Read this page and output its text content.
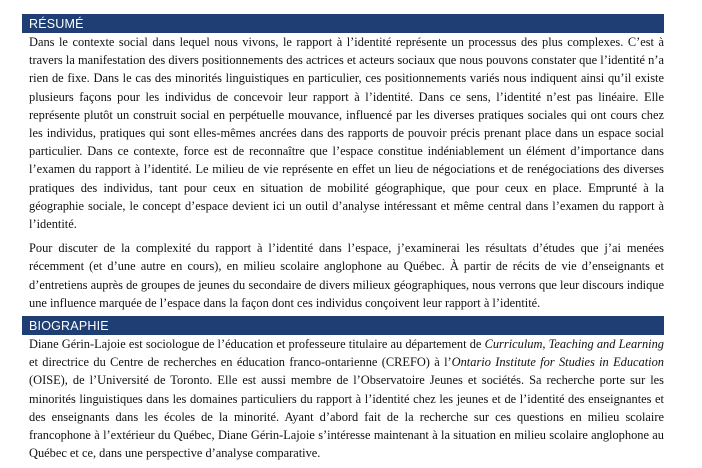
RÉSUMÉ

Dans le contexte social dans lequel nous vivons, le rapport à l’identité représente un processus des plus complexes. C’est à travers la manifestation des divers positionnements des actrices et acteurs sociaux que nous pouvons constater que l’identité n’a rien de fixe. Dans le cas des minorités linguistiques en particulier, ces positionnements variés nous indiquent ainsi qu’il existe plusieurs façons pour les individus de concevoir leur rapport à l’identité. Dans ce sens, l’identité n’est pas linéaire. Elle représente plutôt un construit social en perpétuelle mouvance, influencé par les diverses pratiques sociales qui ont cours chez les individus, pratiques qui sont elles-mêmes ancrées dans des rapports de pouvoir précis prenant place dans un espace social particulier. Dans ce contexte, force est de reconnaître que l’espace constitue indéniablement un élément d’importance dans l’examen du rapport à l’identité. Le milieu de vie représente en effet un lieu de négociations et de renégociations des diverses pratiques des individus, tant pour ceux en situation de mobilité géographique, que pour ceux en place. Emprunté à la géographie sociale, le concept d’espace devient ici un outil d’analyse intéressant et même central dans l’examen du rapport à l’identité.

Pour discuter de la complexité du rapport à l’identité dans l’espace, j’examinerai les résultats d’études que j’ai menées récemment (et d’une autre en cours), en milieu scolaire anglophone au Québec. À partir de récits de vie d’enseignants et d’entretiens auprès de groupes de jeunes du secondaire de divers milieux géographiques, nous verrons que leur discours indique une influence marquée de l’espace dans la façon dont ces individus conçoivent leur rapport à l’identité.

BIOGRAPHIE

Diane Gérin-Lajoie est sociologue de l’éducation et professeure titulaire au département de Curriculum, Teaching and Learning et directrice du Centre de recherches en éducation franco-ontarienne (CREFO) à l’Ontario Institute for Studies in Education (OISE), de l’Université de Toronto. Elle est aussi membre de l’Observatoire Jeunes et sociétés. Sa recherche porte sur les minorités linguistiques dans les domaines particuliers du rapport à l’identité chez les jeunes et de l’identité des enseignantes et des enseignants dans les écoles de la minorité. Ayant d’abord fait de la recherche sur ces questions en milieu scolaire francophone à l’extérieur du Québec, Diane Gérin-Lajoie s’intéresse maintenant à la situation en milieu scolaire anglophone au Québec et ce, dans une perspective d’analyse comparative.
